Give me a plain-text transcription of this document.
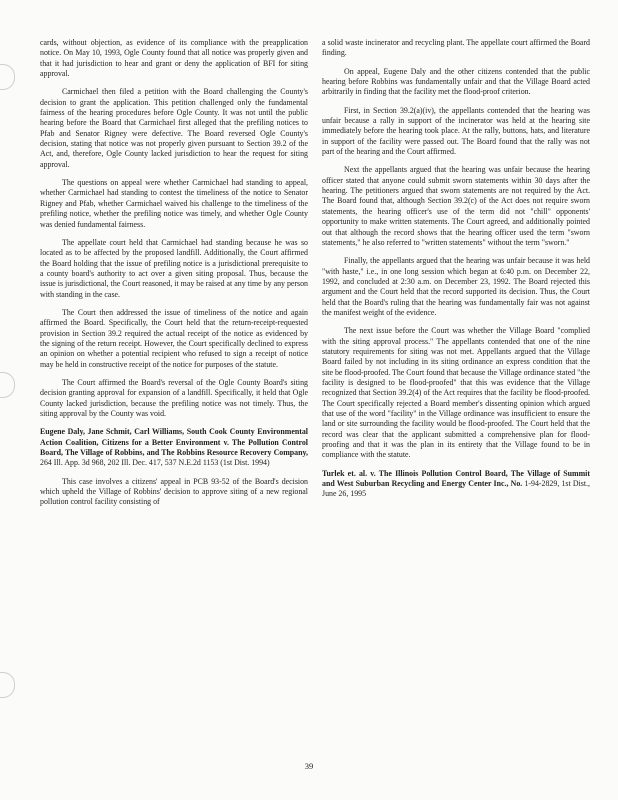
cards, without objection, as evidence of its compliance with the preapplication notice. On May 10, 1993, Ogle County found that all notice was properly given and that it had jurisdiction to hear and grant or deny the application of BFI for siting approval.

Carmichael then filed a petition with the Board challenging the County's decision to grant the application. This petition challenged only the fundamental fairness of the hearing procedures before Ogle County. It was not until the public hearing before the Board that Carmichael first alleged that the prefiling notices to Pfab and Senator Rigney were defective. The Board reversed Ogle County's decision, stating that notice was not properly given pursuant to Section 39.2 of the Act, and, therefore, Ogle County lacked jurisdiction to hear the request for siting approval.

The questions on appeal were whether Carmichael had standing to appeal, whether Carmichael had standing to contest the timeliness of the notice to Senator Rigney and Pfab, whether Carmichael waived his challenge to the timeliness of the prefiling notice, whether the prefiling notice was timely, and whether Ogle County was denied fundamental fairness.

The appellate court held that Carmichael had standing because he was so located as to be affected by the proposed landfill. Additionally, the Court affirmed the Board holding that the issue of prefiling notice is a jurisdictional prerequisite to a county board's authority to act over a given siting proposal. Thus, because the issue is jurisdictional, the Court reasoned, it may be raised at any time by any person with standing in the case.

The Court then addressed the issue of timeliness of the notice and again affirmed the Board. Specifically, the Court held that the return-receipt-requested provision in Section 39.2 required the actual receipt of the notice as evidenced by the signing of the return receipt. However, the Court specifically declined to express an opinion on whether a potential recipient who refused to sign a receipt of notice may be held in constructive receipt of the notice for purposes of the statute.

The Court affirmed the Board's reversal of the Ogle County Board's siting decision granting approval for expansion of a landfill. Specifically, it held that Ogle County lacked jurisdiction, because the prefiling notice was not timely. Thus, the siting approval by the County was void.

Eugene Daly, Jane Schmit, Carl Williams, South Cook County Environmental Action Coalition, Citizens for a Better Environment v. The Pollution Control Board, The Village of Robbins, and The Robbins Resource Recovery Company, 264 Ill. App. 3d 968, 202 Ill. Dec. 417, 537 N.E.2d 1153 (1st Dist. 1994)

This case involves a citizens' appeal in PCB 93-52 of the Board's decision which upheld the Village of Robbins' decision to approve siting of a new regional pollution control facility consisting of

a solid waste incinerator and recycling plant. The appellate court affirmed the Board finding.

On appeal, Eugene Daly and the other citizens contended that the public hearing before Robbins was fundamentally unfair and that the Village Board acted arbitrarily in finding that the facility met the flood-proof criterion.

First, in Section 39.2(a)(iv), the appellants contended that the hearing was unfair because a rally in support of the incinerator was held at the hearing site immediately before the hearing took place. At the rally, buttons, hats, and literature in support of the facility were passed out. The Board found that the rally was not part of the hearing and the Court affirmed.

Next the appellants argued that the hearing was unfair because the hearing officer stated that anyone could submit sworn statements within 30 days after the hearing. The petitioners argued that sworn statements are not required by the Act. The Board found that, although Section 39.2(c) of the Act does not require sworn statements, the hearing officer's use of the term did not "chill" opponents' opportunity to make written statements. The Court agreed, and additionally pointed out that although the record shows that the hearing officer used the term "sworn statements," he also referred to "written statements" without the term "sworn."

Finally, the appellants argued that the hearing was unfair because it was held "with haste," i.e., in one long session which began at 6:40 p.m. on December 22, 1992, and concluded at 2:30 a.m. on December 23, 1992. The Board rejected this argument and the Court held that the record supported its decision. Thus, the Court held that the Board's ruling that the hearing was fundamentally fair was not against the manifest weight of the evidence.

The next issue before the Court was whether the Village Board "complied with the siting approval process." The appellants contended that one of the nine statutory requirements for siting was not met. Appellants argued that the Village Board failed by not including in its siting ordinance an express condition that the site be flood-proofed. The Court found that because the Village ordinance stated "the facility is designed to be flood-proofed" that this was evidence that the Village recognized that Section 39.2(4) of the Act requires that the facility be flood-proofed. The Court specifically rejected a Board member's dissenting opinion which argued that use of the word "facility" in the Village ordinance was insufficient to ensure the land or site surrounding the facility would be flood-proofed. The Court held that the record was clear that the applicant submitted a comprehensive plan for flood-proofing and that it was the plan in its entirety that the Village found to be in compliance with the statute.

Turlek et. al. v. The Illinois Pollution Control Board, The Village of Summit and West Suburban Recycling and Energy Center Inc., No. 1-94-2829, 1st Dist., June 26, 1995

39
